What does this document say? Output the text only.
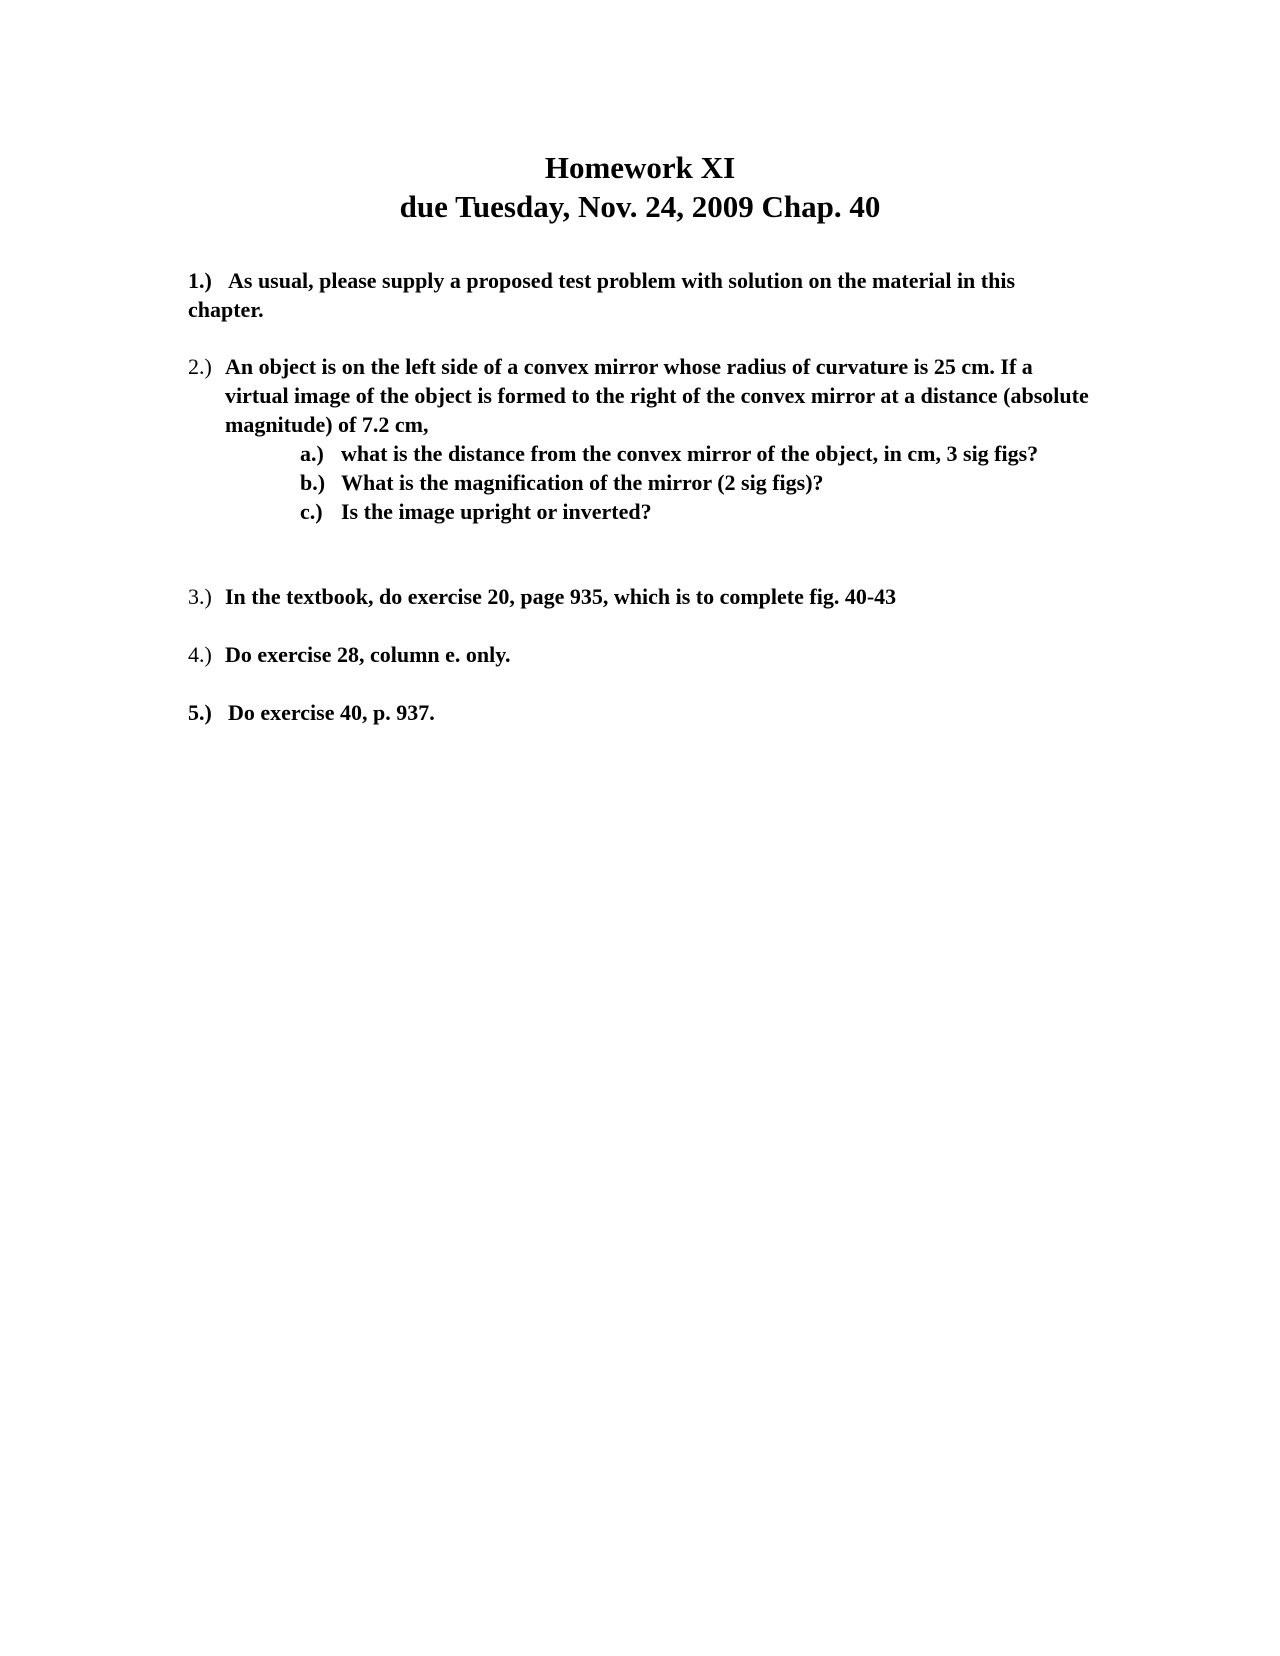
Homework XI
due Tuesday, Nov. 24, 2009 Chap. 40
1.) As usual, please supply a proposed test problem with solution on the material in this chapter.
2.) An object is on the left side of a convex mirror whose radius of curvature is 25 cm. If a virtual image of the object is formed to the right of the convex mirror at a distance (absolute magnitude) of 7.2 cm,
a.) what is the distance from the convex mirror of the object, in cm, 3 sig figs?
b.) What is the magnification of the mirror (2 sig figs)?
c.) Is the image upright or inverted?
3.) In the textbook, do exercise 20, page 935, which is to complete fig. 40-43
4.) Do exercise 28, column e. only.
5.) Do exercise 40, p. 937.
